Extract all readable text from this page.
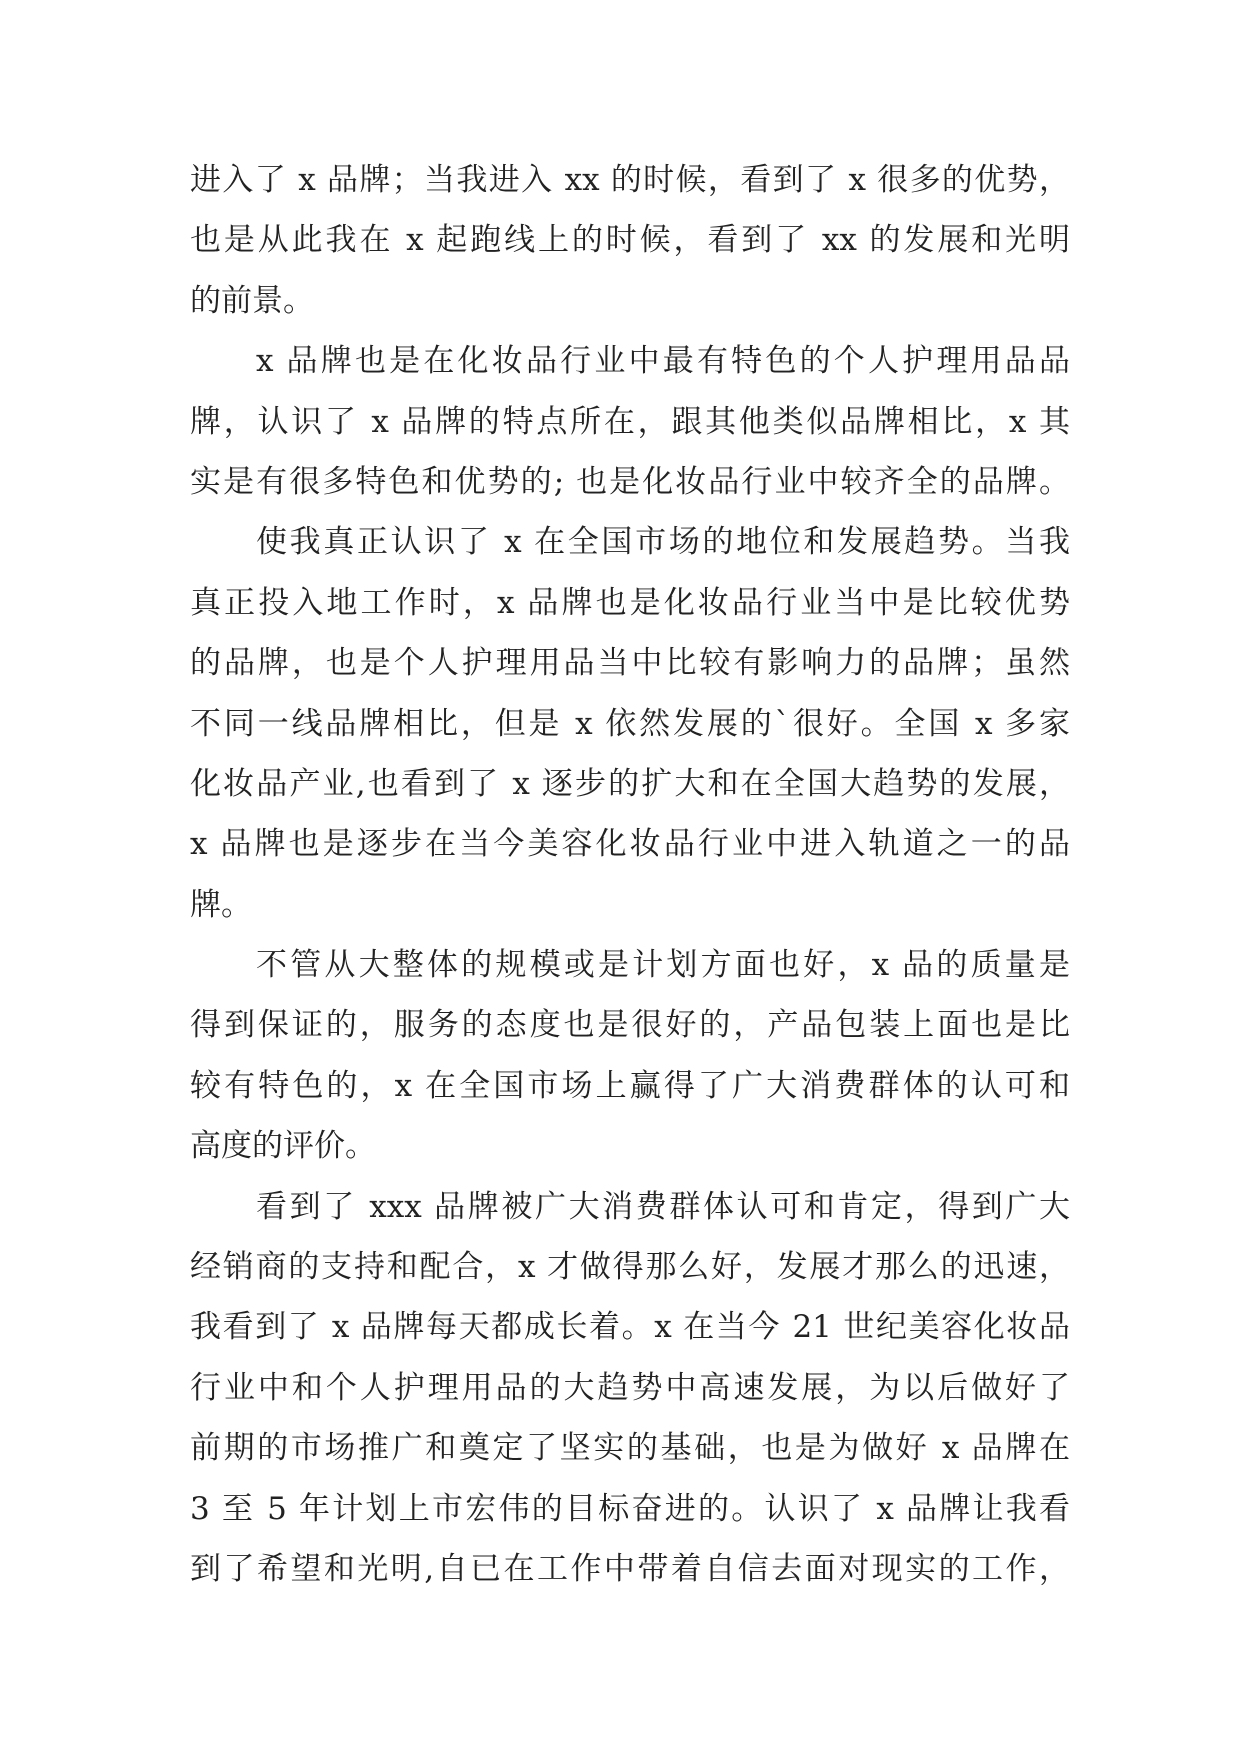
进入了 x 品牌；当我进入 xx 的时候，看到了 x 很多的优势，
也是从此我在 x 起跑线上的时候，看到了 xx 的发展和光明
的前景。
x 品牌也是在化妆品行业中最有特色的个人护理用品品
牌，认识了 x 品牌的特点所在，跟其他类似品牌相比，x 其
实是有很多特色和优势的; 也是化妆品行业中较齐全的品牌。
使我真正认识了 x 在全国市场的地位和发展趋势。当我
真正投入地工作时，x 品牌也是化妆品行业当中是比较优势
的品牌，也是个人护理用品当中比较有影响力的品牌；虽然
不同一线品牌相比，但是 x 依然发展的`很好。全国 x 多家
化妆品产业,也看到了 x 逐步的扩大和在全国大趋势的发展，
x 品牌也是逐步在当今美容化妆品行业中进入轨道之一的品
牌。
不管从大整体的规模或是计划方面也好，x 品的质量是
得到保证的，服务的态度也是很好的，产品包装上面也是比
较有特色的，x 在全国市场上赢得了广大消费群体的认可和
高度的评价。
看到了 xxx 品牌被广大消费群体认可和肯定，得到广大
经销商的支持和配合，x 才做得那么好，发展才那么的迅速，
我看到了 x 品牌每天都成长着。x 在当今 21 世纪美容化妆品
行业中和个人护理用品的大趋势中高速发展，为以后做好了
前期的市场推广和奠定了坚实的基础，也是为做好 x 品牌在
3 至 5 年计划上市宏伟的目标奋进的。认识了 x 品牌让我看
到了希望和光明,自已在工作中带着自信去面对现实的工作，
